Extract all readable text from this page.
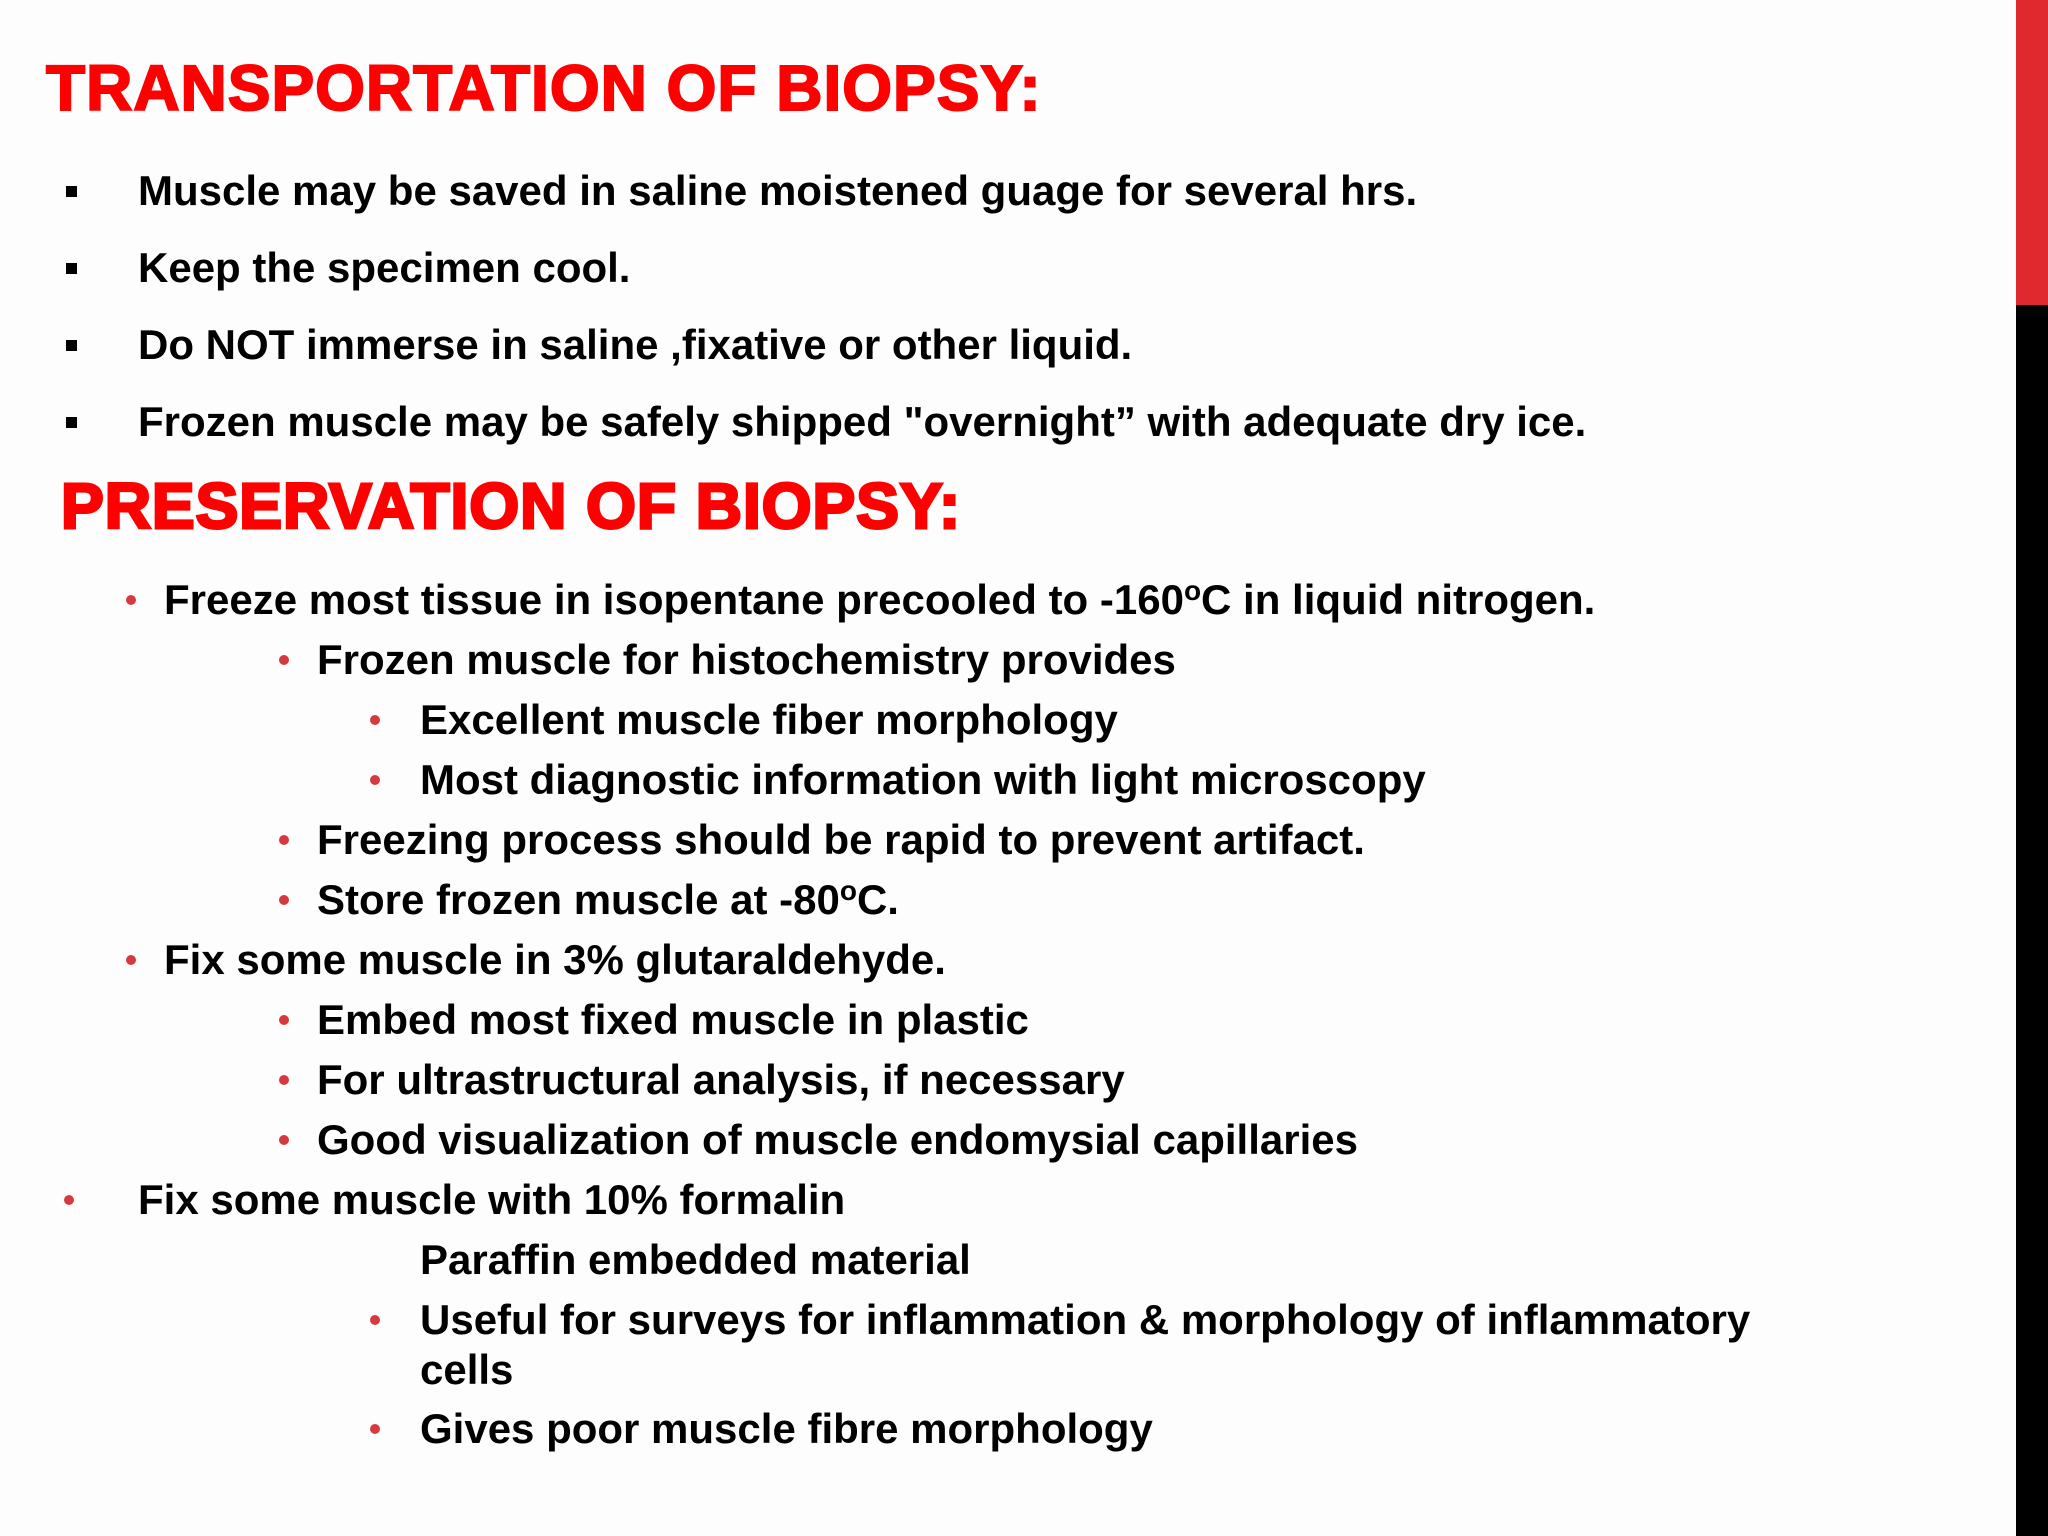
TRANSPORTATION OF BIOPSY:
Muscle may be saved in saline moistened guage for several hrs.
Keep the specimen cool.
Do NOT immerse in saline ,fixative or other liquid.
Frozen muscle may be safely shipped "overnight” with adequate dry ice.
PRESERVATION OF BIOPSY:
Freeze most tissue in isopentane precooled to -160$^o$C in liquid nitrogen.
Frozen muscle for histochemistry provides
Excellent muscle fiber morphology
Most diagnostic information with light microscopy
Freezing process should be rapid to prevent artifact.
Store frozen muscle at -80$^o$C.
Fix some muscle in 3% glutaraldehyde.
Embed most fixed muscle in plastic
For ultrastructural analysis, if necessary
Good visualization of muscle endomysial capillaries
Fix some muscle with 10% formalin
Paraffin embedded material
Useful for surveys for inflammation & morphology of inflammatory
cells
Gives poor muscle fibre morphology
